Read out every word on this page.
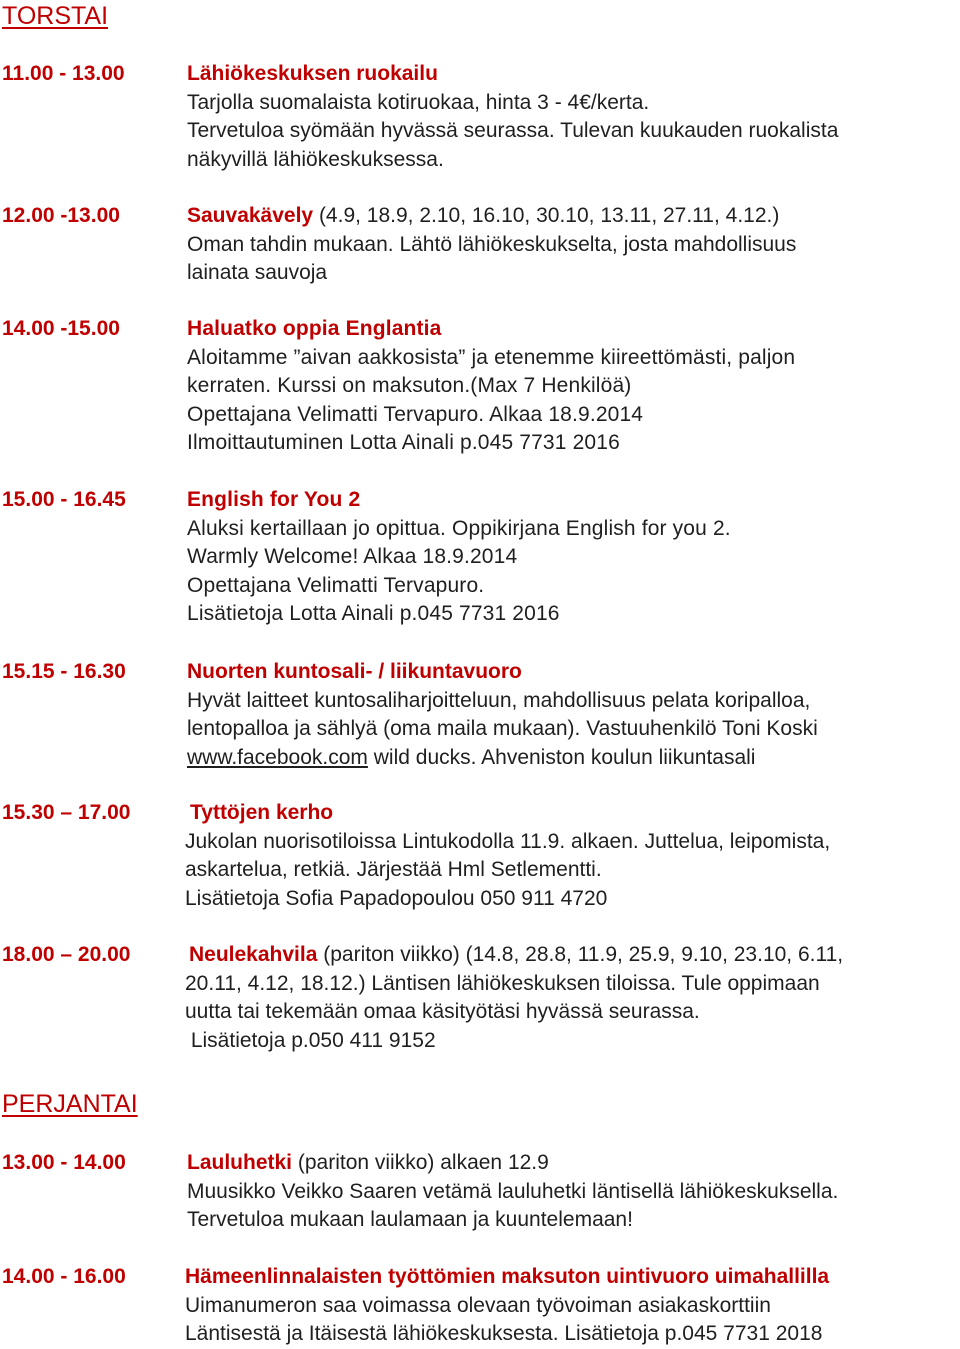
TORSTAI
11.00 - 13.00	Lähiökeskuksen ruokailu
Tarjolla suomalaista kotiruokaa, hinta 3 - 4€/kerta.
Tervetuloa syömään hyvässä seurassa. Tulevan kuukauden ruokalista
näkyvillä lähiökeskuksessa.
12.00 -13.00	Sauvakävely (4.9, 18.9, 2.10, 16.10, 30.10, 13.11, 27.11, 4.12.)
Oman tahdin mukaan. Lähtö lähiökeskukselta, josta mahdollisuus
lainata sauvoja
14.00 -15.00	Haluatko oppia Englantia
Aloitamme ”aivan aakkosista” ja etenemme kiireettömästi, paljon
kerraten. Kurssi on maksuton.(Max 7 Henkilöä)
Opettajana Velimatti Tervapuro. Alkaa 18.9.2014
Ilmoittautuminen Lotta Ainali p.045 7731 2016
15.00 - 16.45	English for You 2
Aluksi kertaillaan jo opittua. Oppikirjana English for you 2.
Warmly Welcome! Alkaa 18.9.2014
Opettajana Velimatti Tervapuro.
Lisätietoja Lotta Ainali p.045 7731 2016
15.15 - 16.30	Nuorten kuntosali- / liikuntavuoro
Hyvät laitteet kuntosaliharjoitteluun, mahdollisuus pelata koripalloa,
lentopalloa ja sählyä (oma maila mukaan). Vastuuhenkilö Toni Koski
www.facebook.com wild ducks. Ahveniston koulun liikuntasali
15.30 – 17.00	Tyttöjen kerho
Jukolan nuorisotiloissa Lintukodolla 11.9. alkaen. Juttelua, leipomista,
askartelua, retkiä. Järjestää Hml Setlementti.
Lisätietoja Sofia Papadopoulou 050 911 4720
18.00 – 20.00	Neulekahvila (pariton viikko) (14.8, 28.8, 11.9, 25.9, 9.10, 23.10, 6.11,
20.11, 4.12, 18.12.) Läntisen lähiökeskuksen tiloissa. Tule oppimaan
uutta tai tekemään omaa käsityötäsi hyvässä seurassa.
Lisätietoja p.050 411 9152
PERJANTAI
13.00 - 14.00	Lauluhetki (pariton viikko) alkaen 12.9
Muusikko Veikko Saaren vetämä lauluhetki läntisellä lähiökeskuksella.
Tervetuloa mukaan laulamaan ja kuuntelemaan!
14.00 - 16.00	Hämeenlinnalaisten työttömien maksuton uintivuoro uimahallilla
Uimanumeron saa voimassa olevaan työvoiman asiakaskorttiin
Läntisestä ja Itäisestä lähiökeskuksesta. Lisätietoja p.045 7731 2018
